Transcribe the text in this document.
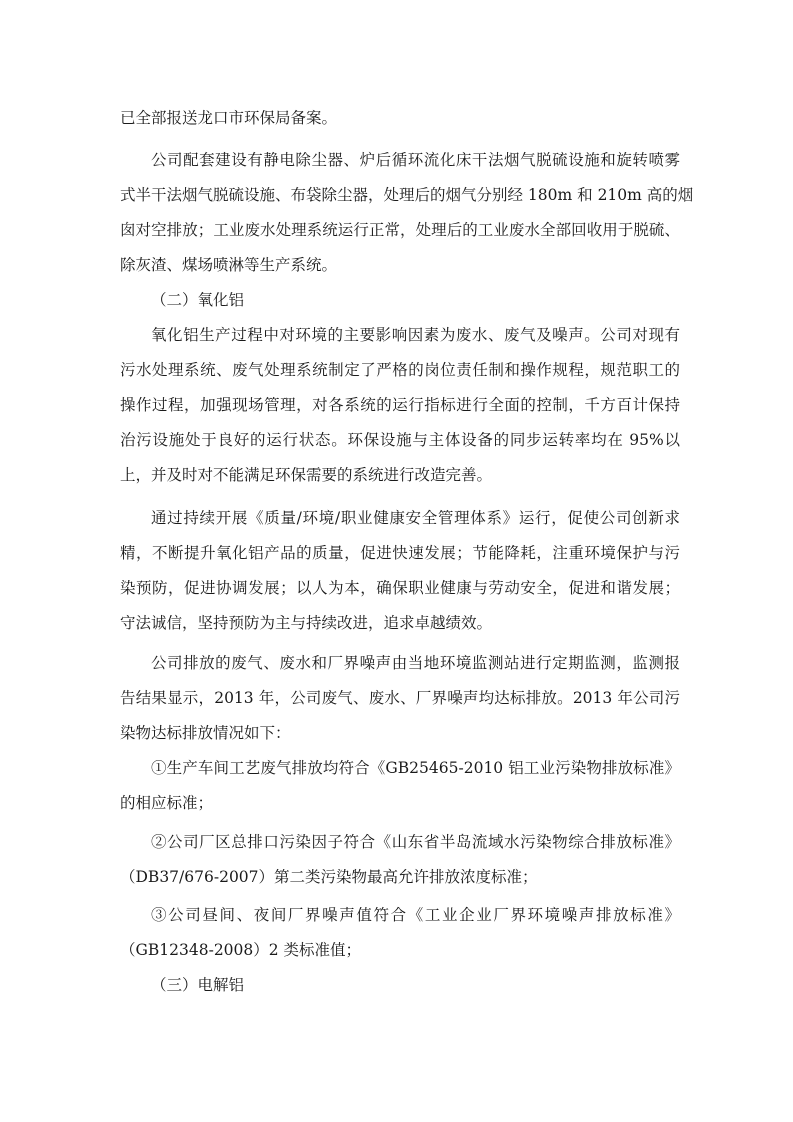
已全部报送龙口市环保局备案。
公司配套建设有静电除尘器、炉后循环流化床干法烟气脱硫设施和旋转喷雾
式半干法烟气脱硫设施、布袋除尘器，处理后的烟气分别经 180m 和 210m 高的烟
囱对空排放；工业废水处理系统运行正常，处理后的工业废水全部回收用于脱硫、
除灰渣、煤场喷淋等生产系统。
（二）氧化铝
氧化铝生产过程中对环境的主要影响因素为废水、废气及噪声。公司对现有
污水处理系统、废气处理系统制定了严格的岗位责任制和操作规程，规范职工的
操作过程，加强现场管理，对各系统的运行指标进行全面的控制，千方百计保持
治污设施处于良好的运行状态。环保设施与主体设备的同步运转率均在 95%以
上，并及时对不能满足环保需要的系统进行改造完善。
通过持续开展《质量/环境/职业健康安全管理体系》运行，促使公司创新求
精，不断提升氧化铝产品的质量，促进快速发展；节能降耗，注重环境保护与污
染预防，促进协调发展；以人为本，确保职业健康与劳动安全，促进和谐发展；
守法诚信，坚持预防为主与持续改进，追求卓越绩效。
公司排放的废气、废水和厂界噪声由当地环境监测站进行定期监测，监测报
告结果显示，2013 年，公司废气、废水、厂界噪声均达标排放。2013 年公司污
染物达标排放情况如下：
①生产车间工艺废气排放均符合《GB25465-2010 铝工业污染物排放标准》
的相应标准；
②公司厂区总排口污染因子符合《山东省半岛流域水污染物综合排放标准》
（DB37/676-2007）第二类污染物最高允许排放浓度标准；
③公司昼间、夜间厂界噪声值符合《工业企业厂界环境噪声排放标准》
（GB12348-2008）2 类标准值；
（三）电解铝
